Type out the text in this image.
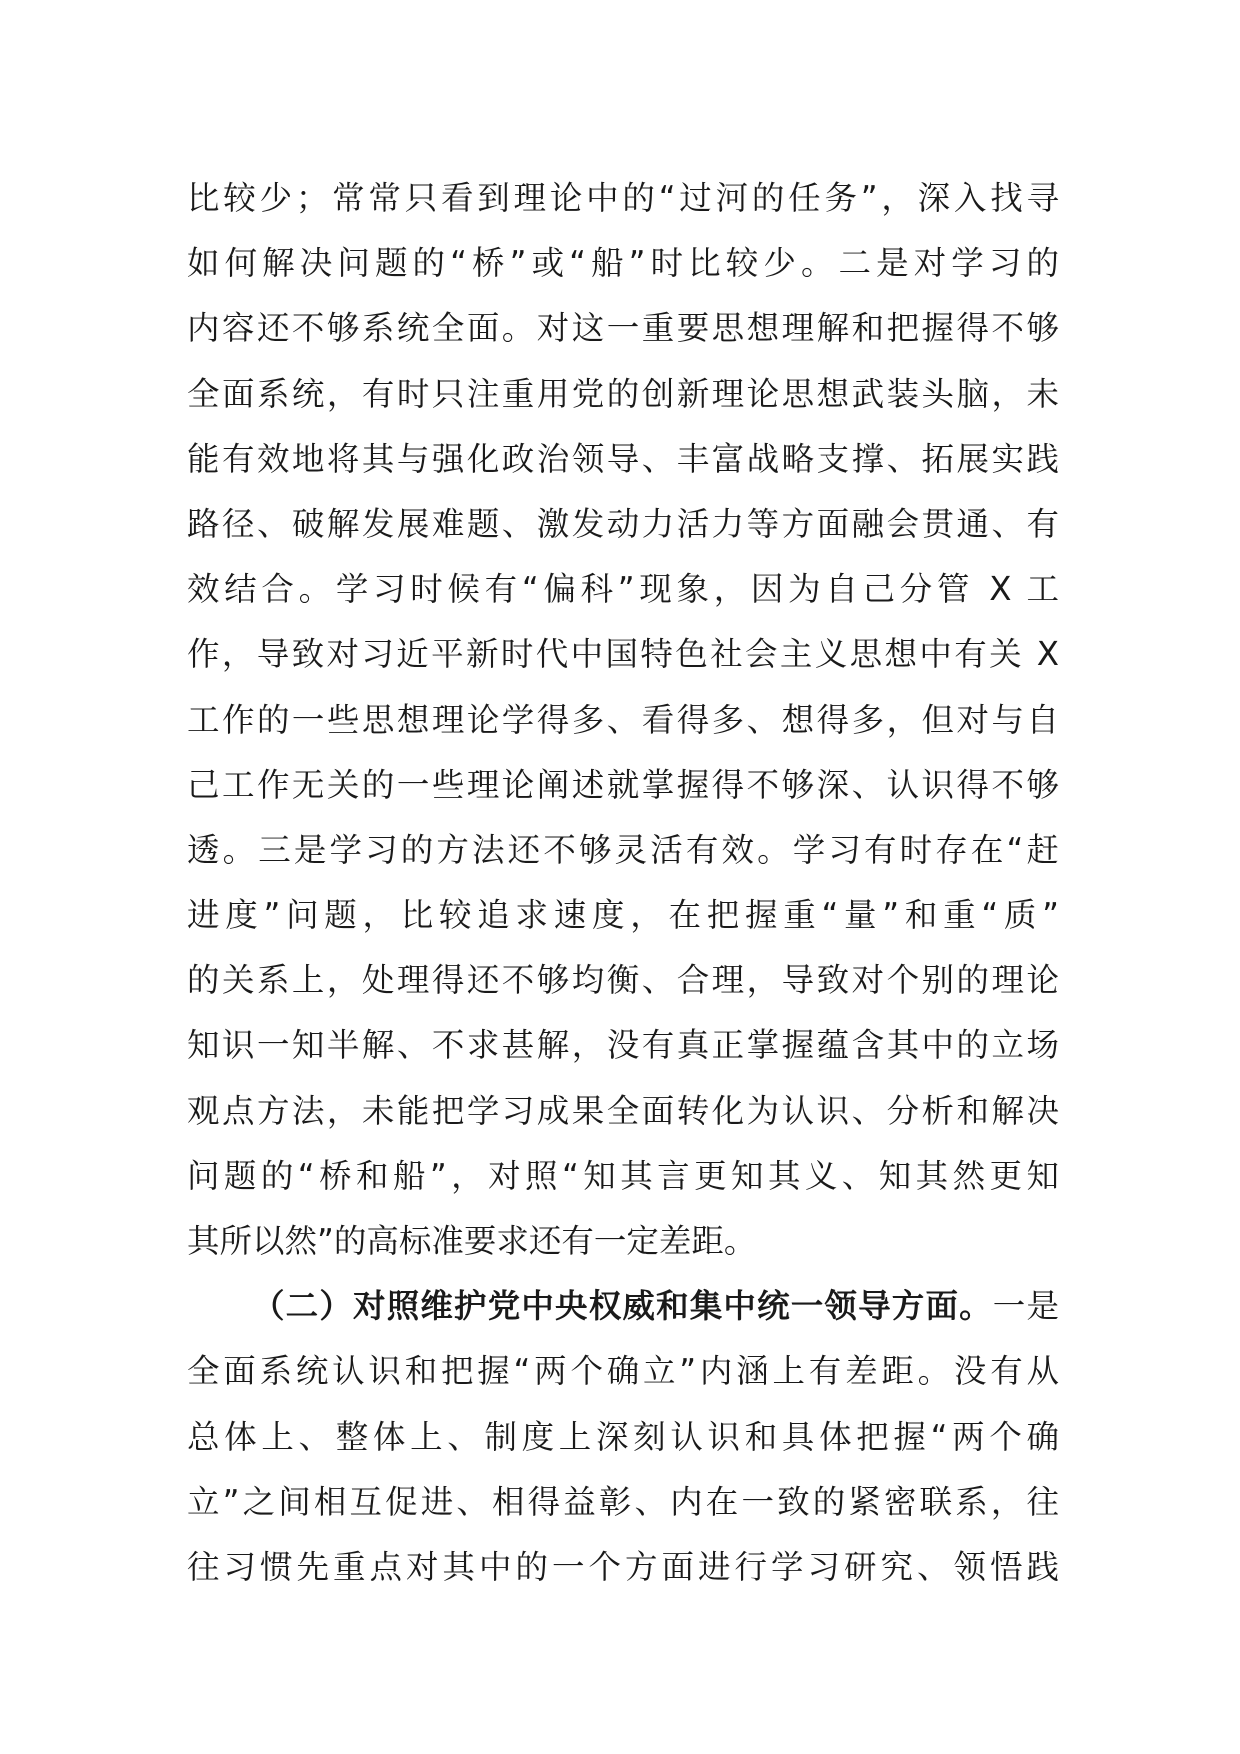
比较少；常常只看到理论中的“过河的任务”，深入找寻
如何解决问题的“桥”或“船”时比较少。二是对学习的
内容还不够系统全面。对这一重要思想理解和把握得不够
全面系统，有时只注重用党的创新理论思想武装头脑，未
能有效地将其与强化政治领导、丰富战略支撑、拓展实践
路径、破解发展难题、激发动力活力等方面融会贯通、有
效结合。学习时候有“偏科”现象，因为自己分管 X 工
作，导致对习近平新时代中国特色社会主义思想中有关 X
工作的一些思想理论学得多、看得多、想得多，但对与自
己工作无关的一些理论阐述就掌握得不够深、认识得不够
透。三是学习的方法还不够灵活有效。学习有时存在“赶
进度”问题，比较追求速度，在把握重“量”和重“质”
的关系上，处理得还不够均衡、合理，导致对个别的理论
知识一知半解、不求甚解，没有真正掌握蕴含其中的立场
观点方法，未能把学习成果全面转化为认识、分析和解决
问题的“桥和船”，对照“知其言更知其义、知其然更知
其所以然”的高标准要求还有一定差距。
（二）对照维护党中央权威和集中统一领导方面。一是
全面系统认识和把握“两个确立”内涵上有差距。没有从
总体上、整体上、制度上深刻认识和具体把握“两个确
立”之间相互促进、相得益彰、内在一致的紧密联系，往
往习惯先重点对其中的一个方面进行学习研究、领悟践
